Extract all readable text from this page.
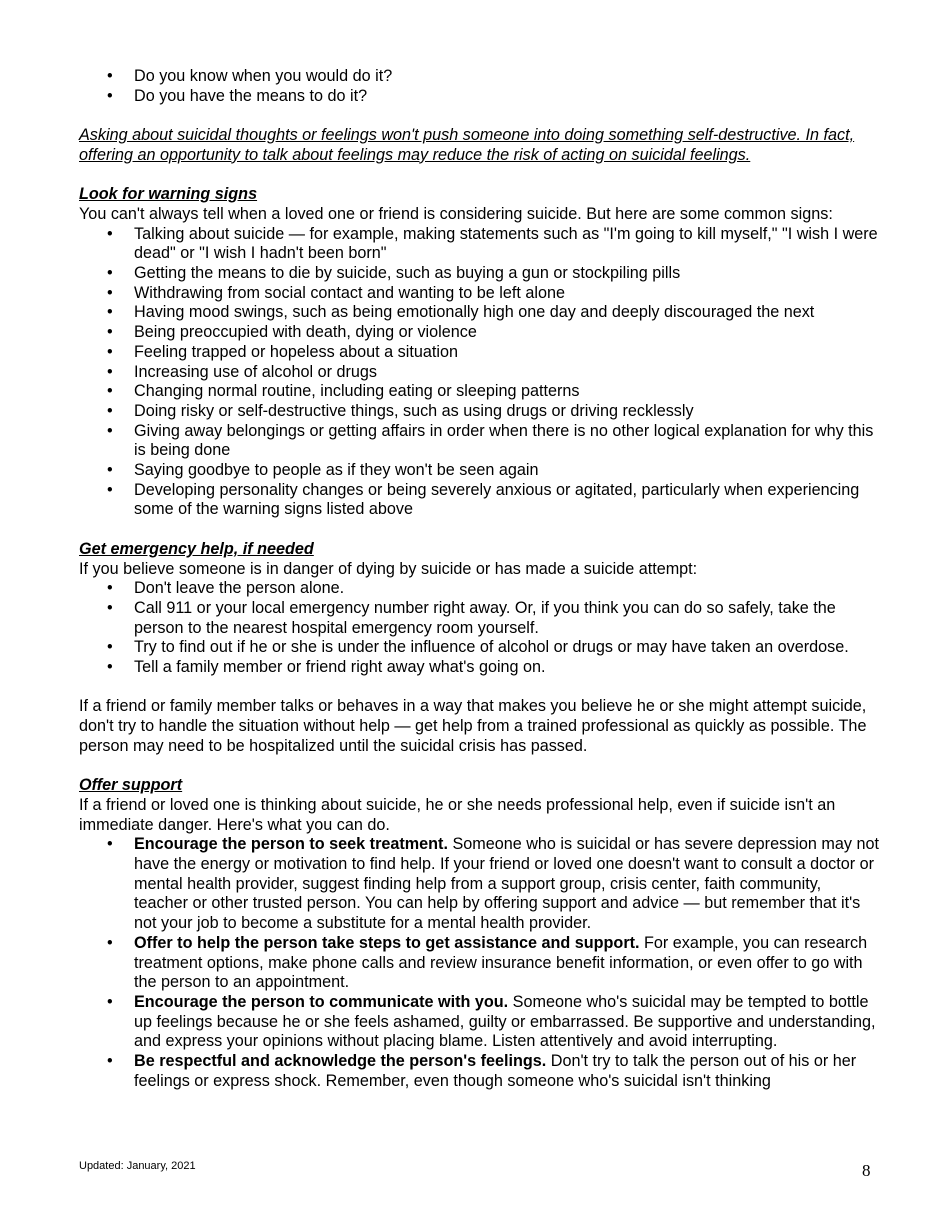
• Do you know when you would do it?
• Do you have the means to do it?

Asking about suicidal thoughts or feelings won't push someone into doing something self-destructive. In fact, offering an opportunity to talk about feelings may reduce the risk of acting on suicidal feelings.

Look for warning signs

You can't always tell when a loved one or friend is considering suicide. But here are some common signs:

• Talking about suicide — for example, making statements such as "I'm going to kill myself," "I wish I were dead" or "I wish I hadn't been born"
• Getting the means to die by suicide, such as buying a gun or stockpiling pills
• Withdrawing from social contact and wanting to be left alone
• Having mood swings, such as being emotionally high one day and deeply discouraged the next
• Being preoccupied with death, dying or violence
• Feeling trapped or hopeless about a situation
• Increasing use of alcohol or drugs
• Changing normal routine, including eating or sleeping patterns
• Doing risky or self-destructive things, such as using drugs or driving recklessly
• Giving away belongings or getting affairs in order when there is no other logical explanation for why this is being done
• Saying goodbye to people as if they won't be seen again
• Developing personality changes or being severely anxious or agitated, particularly when experiencing some of the warning signs listed above

Get emergency help, if needed

If you believe someone is in danger of dying by suicide or has made a suicide attempt:

• Don't leave the person alone.
• Call 911 or your local emergency number right away. Or, if you think you can do so safely, take the person to the nearest hospital emergency room yourself.
• Try to find out if he or she is under the influence of alcohol or drugs or may have taken an overdose.
• Tell a family member or friend right away what's going on.

If a friend or family member talks or behaves in a way that makes you believe he or she might attempt suicide, don't try to handle the situation without help — get help from a trained professional as quickly as possible. The person may need to be hospitalized until the suicidal crisis has passed.

Offer support

If a friend or loved one is thinking about suicide, he or she needs professional help, even if suicide isn't an immediate danger. Here's what you can do.

• Encourage the person to seek treatment. Someone who is suicidal or has severe depression may not have the energy or motivation to find help. If your friend or loved one doesn't want to consult a doctor or mental health provider, suggest finding help from a support group, crisis center, faith community, teacher or other trusted person. You can help by offering support and advice — but remember that it's not your job to become a substitute for a mental health provider.
• Offer to help the person take steps to get assistance and support. For example, you can research treatment options, make phone calls and review insurance benefit information, or even offer to go with the person to an appointment.
• Encourage the person to communicate with you. Someone who's suicidal may be tempted to bottle up feelings because he or she feels ashamed, guilty or embarrassed. Be supportive and understanding, and express your opinions without placing blame. Listen attentively and avoid interrupting.
• Be respectful and acknowledge the person's feelings. Don't try to talk the person out of his or her feelings or express shock. Remember, even though someone who's suicidal isn't thinking
Updated: January, 2021	8
